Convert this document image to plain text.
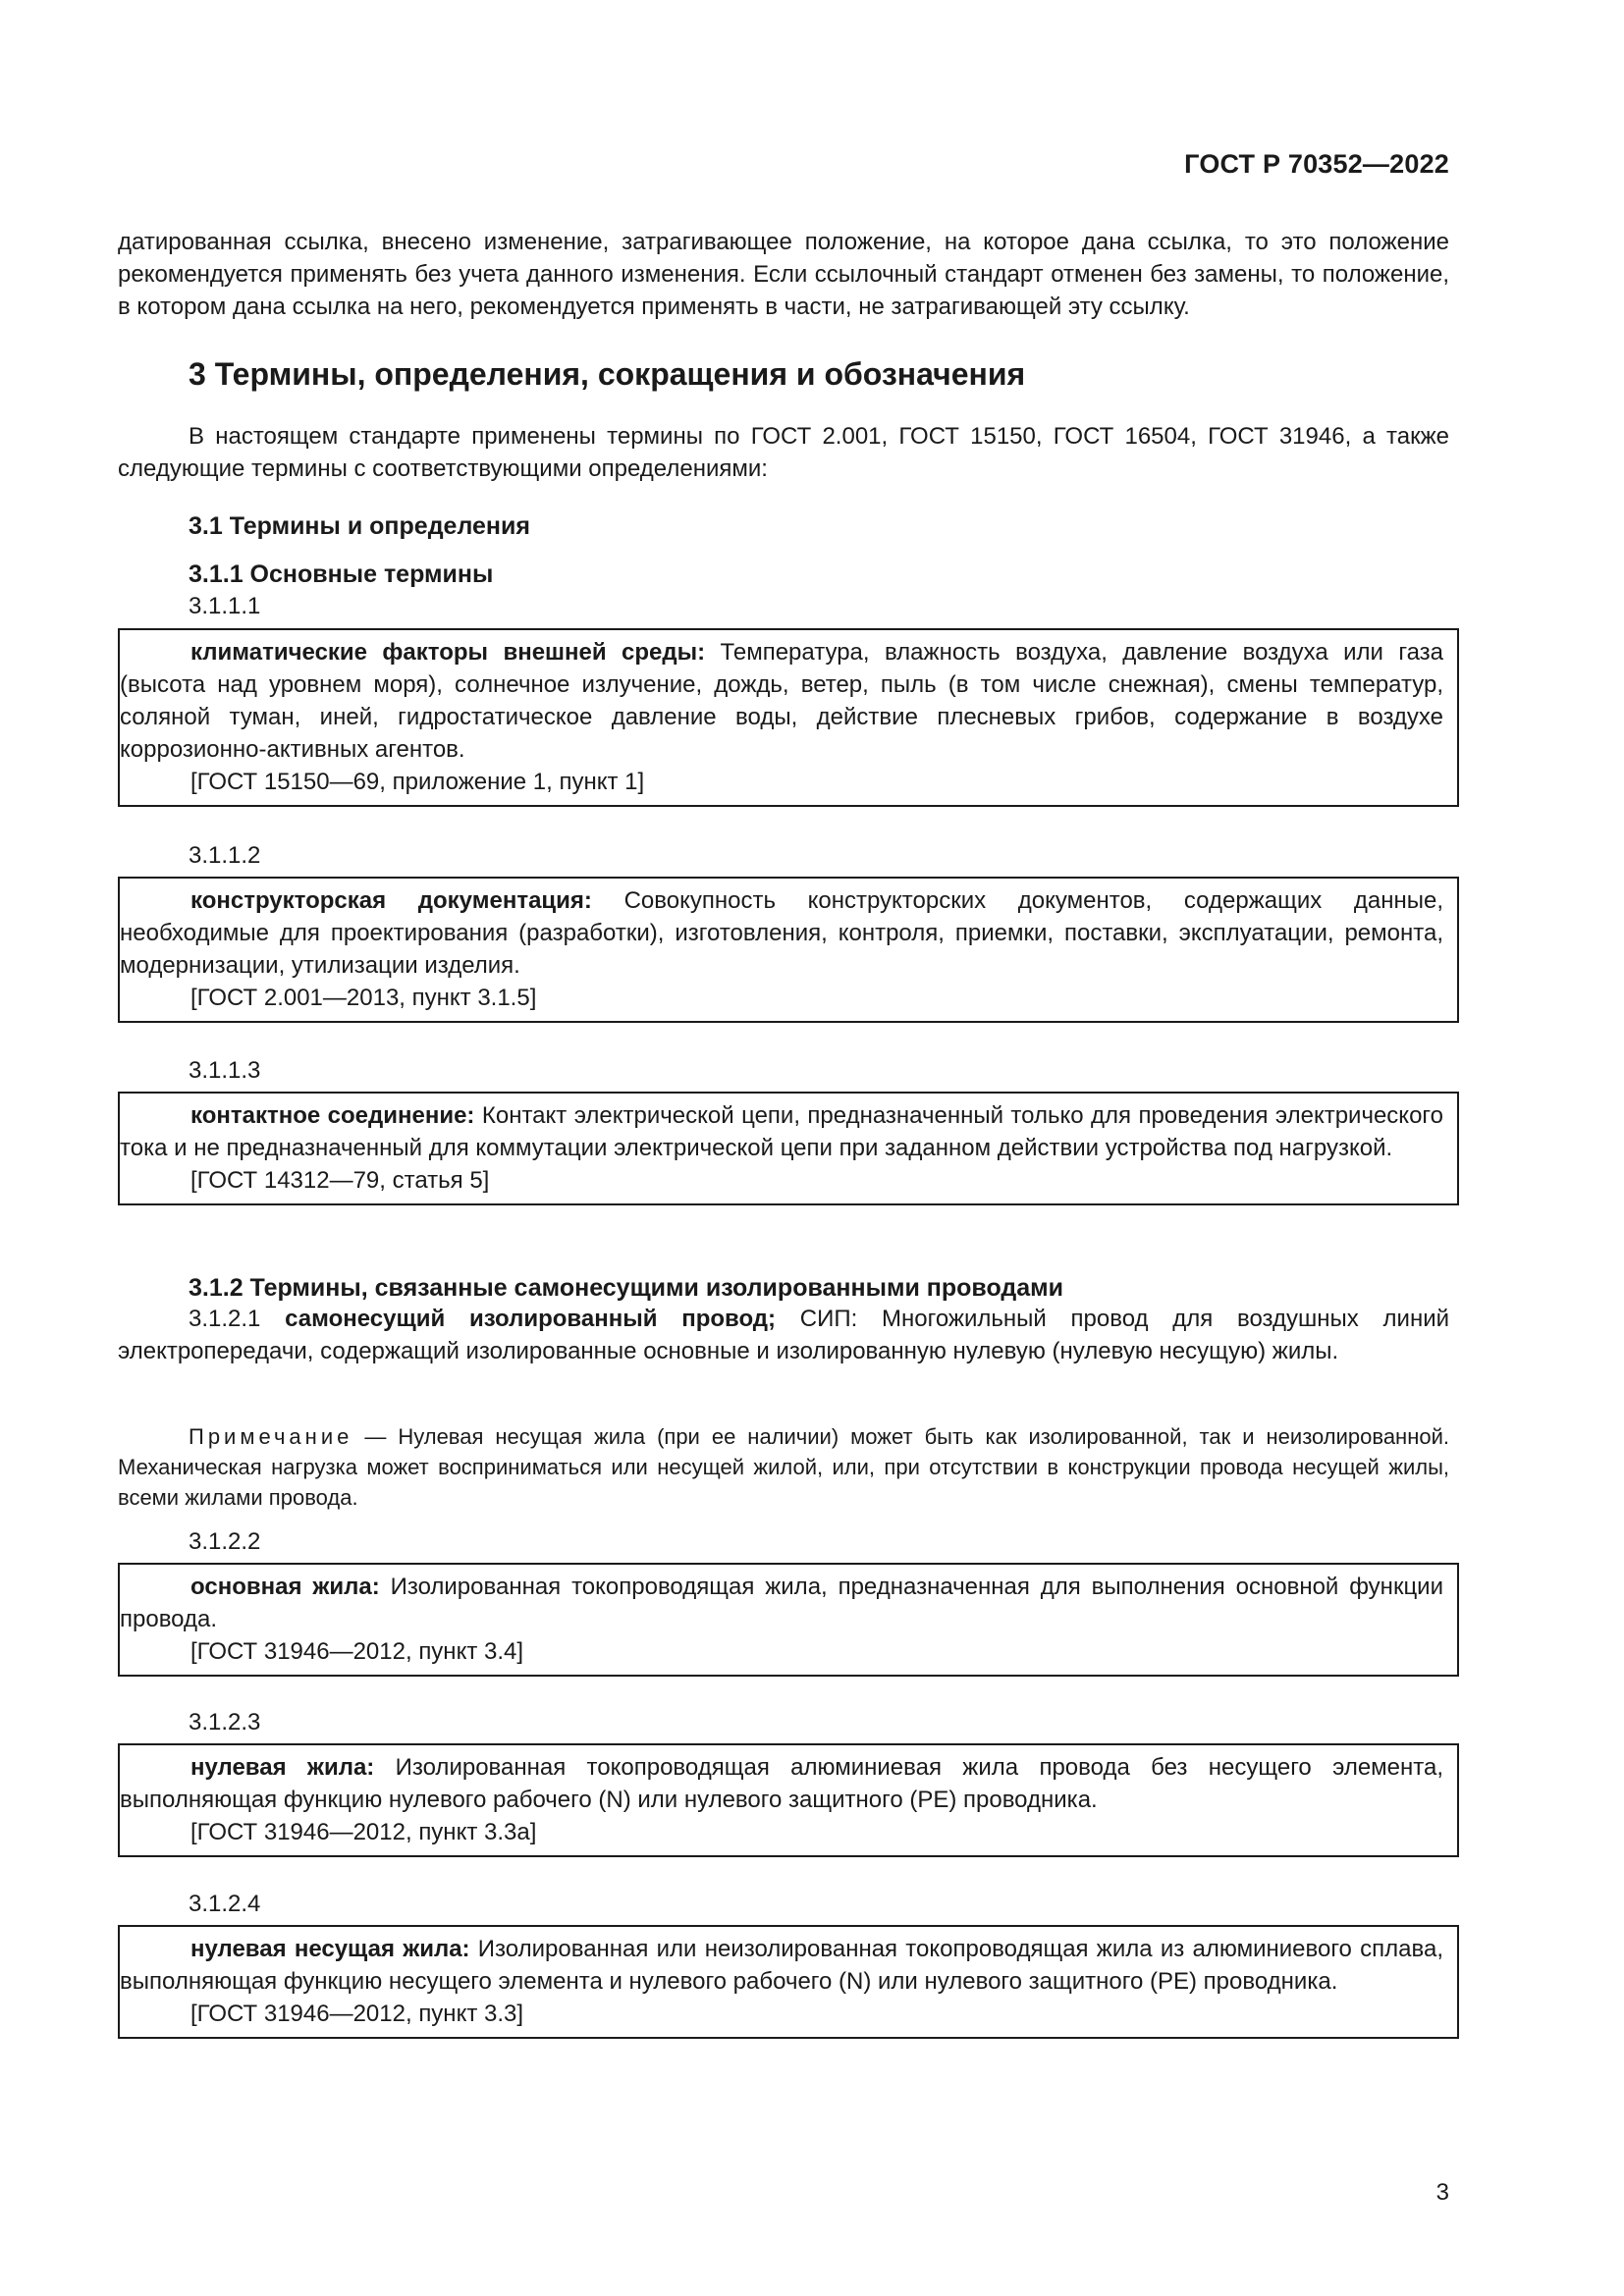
ГОСТ Р 70352—2022
датированная ссылка, внесено изменение, затрагивающее положение, на которое дана ссылка, то это положение рекомендуется применять без учета данного изменения. Если ссылочный стандарт отменен без замены, то положение, в котором дана ссылка на него, рекомендуется применять в части, не затрагивающей эту ссылку.
3 Термины, определения, сокращения и обозначения
В настоящем стандарте применены термины по ГОСТ 2.001, ГОСТ 15150, ГОСТ 16504, ГОСТ 31946, а также следующие термины с соответствующими определениями:
3.1 Термины и определения
3.1.1 Основные термины
3.1.1.1

климатические факторы внешней среды: Температура, влажность воздуха, давление воздуха или газа (высота над уровнем моря), солнечное излучение, дождь, ветер, пыль (в том числе снежная), смены температур, соляной туман, иней, гидростатическое давление воды, действие плесневых грибов, содержание в воздухе коррозионно-активных агентов.

[ГОСТ 15150—69, приложение 1, пункт 1]

3.1.1.2

конструкторская документация: Совокупность конструкторских документов, содержащих данные, необходимые для проектирования (разработки), изготовления, контроля, приемки, поставки, эксплуатации, ремонта, модернизации, утилизации изделия.

[ГОСТ 2.001—2013, пункт 3.1.5]

3.1.1.3

контактное соединение: Контакт электрической цепи, предназначенный только для проведения электрического тока и не предназначенный для коммутации электрической цепи при заданном действии устройства под нагрузкой.

[ГОСТ 14312—79, статья 5]

3.1.2 Термины, связанные самонесущими изолированными проводами
3.1.2.1 самонесущий изолированный провод; СИП: Многожильный провод для воздушных линий электропередачи, содержащий изолированные основные и изолированную нулевую (нулевую несущую) жилы.
Примечание — Нулевая несущая жила (при ее наличии) может быть как изолированной, так и неизолированной. Механическая нагрузка может восприниматься или несущей жилой, или, при отсутствии в конструкции провода несущей жилы, всеми жилами провода.
3.1.2.2

основная жила: Изолированная токопроводящая жила, предназначенная для выполнения основной функции провода.

[ГОСТ 31946—2012, пункт 3.4]

3.1.2.3

нулевая жила: Изолированная токопроводящая алюминиевая жила провода без несущего элемента, выполняющая функцию нулевого рабочего (N) или нулевого защитного (PE) проводника.

[ГОСТ 31946—2012, пункт 3.3а]

3.1.2.4

нулевая несущая жила: Изолированная или неизолированная токопроводящая жила из алюминиевого сплава, выполняющая функцию несущего элемента и нулевого рабочего (N) или нулевого защитного (PE) проводника.

[ГОСТ 31946—2012, пункт 3.3]

3
